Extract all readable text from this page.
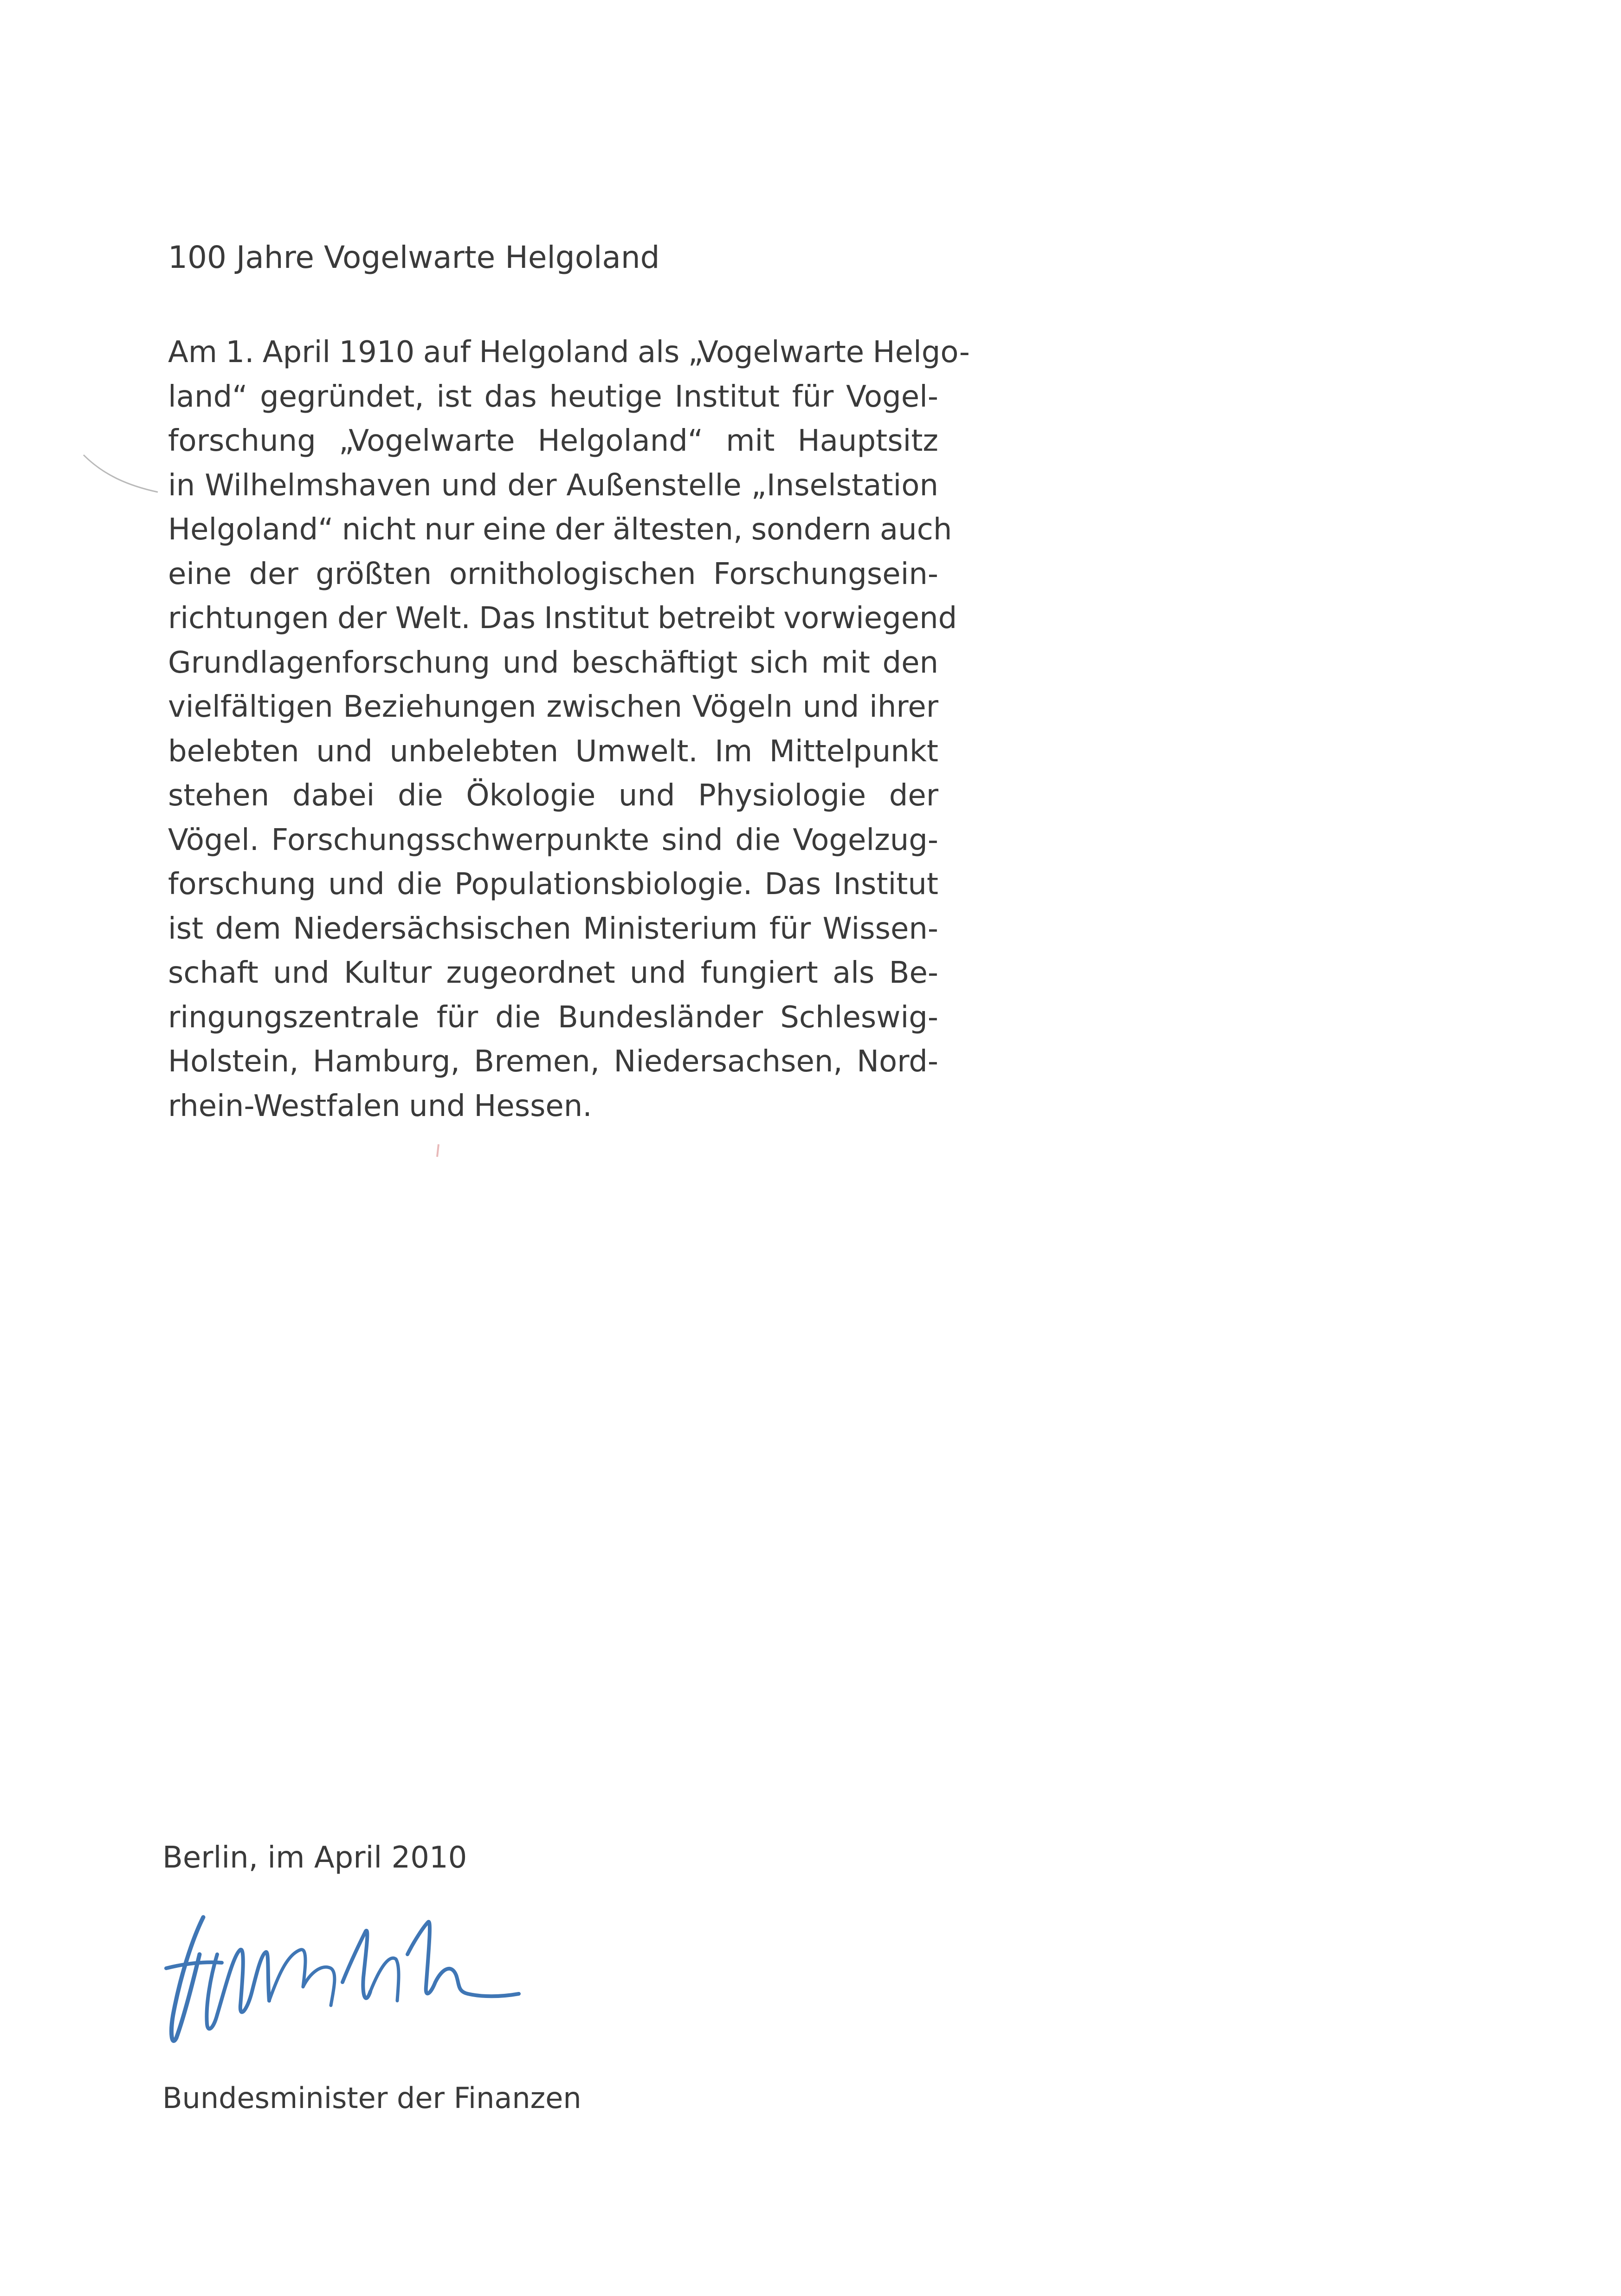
100 Jahre Vogelwarte Helgoland
Am 1. April 1910 auf Helgoland als „Vogelwarte Helgo-
land“ gegründet, ist das heutige Institut für Vogel-
forschung „Vogelwarte Helgoland“ mit Hauptsitz
in Wilhelmshaven und der Außenstelle „Inselstation
Helgoland“ nicht nur eine der ältesten, sondern auch
eine der größten ornithologischen Forschungsein-
richtungen der Welt. Das Institut betreibt vorwiegend
Grundlagenforschung und beschäftigt sich mit den
vielfältigen Beziehungen zwischen Vögeln und ihrer
belebten und unbelebten Umwelt. Im Mittelpunkt
stehen dabei die Ökologie und Physiologie der
Vögel. Forschungsschwerpunkte sind die Vogelzug-
forschung und die Populationsbiologie. Das Institut
ist dem Niedersächsischen Ministerium für Wissen-
schaft und Kultur zugeordnet und fungiert als Be-
ringungszentrale für die Bundesländer Schleswig-
Holstein, Hamburg, Bremen, Niedersachsen, Nord-
rhein-Westfalen und Hessen.
Berlin, im April 2010
Bundesminister der Finanzen
